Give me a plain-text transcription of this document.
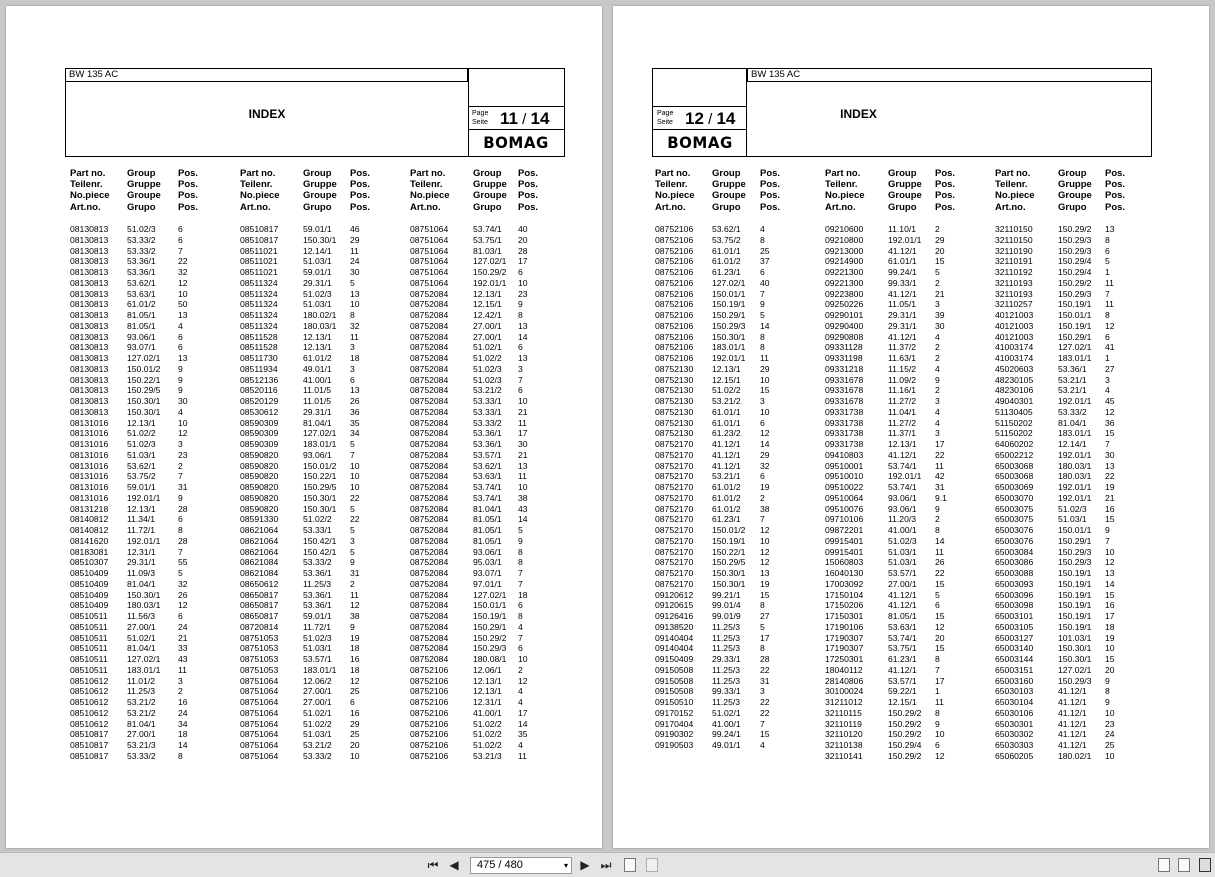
BW 135 AC
INDEX	Page
Seite 11 / 14
BOMAG
Part no.
Teilenr.
No.piece
Art.no.
Group
Gruppe
Groupe
Grupo
Pos.
Pos.
Pos.
Pos.
08130813 51.02/3	6
08130813 53.33/2	6
08130813 53.33/2	7
08130813 53.36/1	22
08130813 53.36/1	32
08130813 53.62/1	12
08130813 53.63/1	10
08130813 61.01/2	50
08130813 81.05/1	13
08130813 81.05/1	4
08130813 93.06/1	6
08130813 93.07/1	6
08130813 127.02/1 13
08130813 150.01/2 9
08130813 150.22/1 9
08130813 150.29/5 9
08130813 150.30/1 30
08130813 150.30/1 4
08131016 12.13/1	10
08131016 51.02/2	12
08131016 51.02/3	3
08131016 51.03/1	23
08131016 53.62/1	2
08131016 53.75/2	7
08131016 59.01/1	31
08131016 192.01/1 9
08131218 12.13/1	28
08140812 11.34/1	6
08140812 11.72/1	8
08141620 192.01/1 28
08183081 12.31/1	7
08510307 29.31/1	55
08510409 11.09/3	5
08510409 81.04/1	32
08510409 150.30/1 26
08510409 180.03/1 12
08510511 11.56/3	6
08510511 27.00/1	24
08510511 51.02/1	21
08510511 81.04/1	33
08510511 127.02/1 43
08510511 183.01/1 11
08510612 11.01/2	3
08510612 11.25/3	2
08510612 53.21/2	16
08510612 53.21/2	24
08510612 81.04/1	34
08510817 27.00/1	18
08510817 53.21/3	14
08510817 53.33/2	8
Part no.
Teilenr.
No.piece
Art.no.
Group
Gruppe
Groupe
Grupo
Pos.
Pos.
Pos.
Pos.
08510817	59.01/1 46
08510817	150.30/1 29
08511021	12.14/1 11
08511021	51.03/1 24
08511021	59.01/1 30
08511324	29.31/1 5
08511324	51.02/3 13
08511324	51.03/1 10
08511324	180.02/1 8
08511324	180.03/1 32
08511528	12.13/1 11
08511528	12.13/1 3
08511730	61.01/2 18
08511934	49.01/1 3
08512136	41.00/1 6
08520116	11.01/5 13
08520129	11.01/5 26
08530612	29.31/1 36
08590309	81.04/1 35
08590309	127.02/1 34
08590309	183.01/1 5
08590820	93.06/1 7
08590820	150.01/2 10
08590820	150.22/1 10
08590820	150.29/5 10
08590820	150.30/1 22
08590820	150.30/1 5
08591330	51.02/2 22
08621064	53.33/1 5
08621064	150.42/1 3
08621064	150.42/1 5
08621084	53.33/2 9
08621084	53.36/1 31
08650612	11.25/3 2
08650817	53.36/1 11
08650817	53.36/1 12
08650817	59.01/1 38
08720814	11.72/1 9
08751053	51.02/3 19
08751053	51.03/1 18
08751053	53.57/1 16
08751053	183.01/1 18
08751064	12.06/2 12
08751064	27.00/1 25
08751064	27.00/1 6
08751064	51.02/1 16
08751064	51.02/2 29
08751064	51.03/1 25
08751064	53.21/2 20
08751064	53.33/2 10
Part no.
Teilenr.
No.piece
Art.no.
Group
Gruppe
Groupe
Grupo
Pos.
Pos.
Pos.
Pos.
08751064	53.74/1 40
08751064	53.75/1 20
08751064	81.03/1 28
08751064	127.02/1 17
08751064	150.29/2 6
08751064	192.01/1 10
08752084	12.13/1 23
08752084	12.15/1 9
08752084	12.42/1 8
08752084	27.00/1 13
08752084	27.00/1 14
08752084	51.02/1 6
08752084	51.02/2 13
08752084	51.02/3 3
08752084	51.02/3 7
08752084	53.21/2 6
08752084	53.33/1 10
08752084	53.33/1 21
08752084	53.33/2 11
08752084	53.36/1 17
08752084	53.36/1 30
08752084	53.57/1 21
08752084	53.62/1 13
08752084	53.63/1 11
08752084	53.74/1 10
08752084	53.74/1 38
08752084	81.04/1 43
08752084	81.05/1 14
08752084	81.05/1 5
08752084	81.05/1 9
08752084	93.06/1 8
08752084	95.03/1 8
08752084	93.07/1 7
08752084	97.01/1 7
08752084	127.02/1 18
08752084	150.01/1 6
08752084	150.19/1 8
08752084	150.29/1 4
08752084	150.29/2 7
08752084	150.29/3 6
08752084	180.08/1 10
08752106	12.06/1 2
08752106	12.13/1 12
08752106	12.13/1 4
08752106	12.31/1 4
08752106	41.00/1 17
08752106	51.02/2 14
08752106	51.02/2 35
08752106	51.02/2 4
08752106	53.21/3 11
BW 135 AC
INDEX
Page
Seite 12 / 14
BOMAG
Part no.
Teilenr.
No.piece
Art.no.
Group
Gruppe
Groupe
Grupo
Pos.
Pos.
Pos.
Pos.
08752106 53.62/1 4
08752106 53.75/2 8
08752106 61.01/1 25
08752106 61.01/2 37
08752106 61.23/1 6
08752106 127.02/1 40
08752106 150.01/1 7
08752106 150.19/1 9
08752106 150.29/1 5
08752106 150.29/3 14
08752106 150.30/1 8
08752106 183.01/1 8
08752106 192.01/1 11
08752130 12.13/1 29
08752130 12.15/1 10
08752130 51.02/2 15
08752130 53.21/2 3
08752130 61.01/1 10
08752130 61.01/1 6
08752130 61.23/2 12
08752170 41.12/1 14
08752170 41.12/1 29
08752170 41.12/1 32
08752170 53.21/1 6
08752170 61.01/2 19
08752170 61.01/2 2
08752170 61.01/2 38
08752170 61.23/1 7
08752170 150.01/2 12
08752170 150.19/1 10
08752170 150.22/1 12
08752170 150.29/5 12
08752170 150.30/1 13
08752170 150.30/1 19
09120612 99.21/1 15
09120615 99.01/4 8
09126416 99.01/9 27
09138520 11.25/3 5
09140404 11.25/3 17
09140404 11.25/3 8
09150409 29.33/1 28
09150508 11.25/3 22
09150508 11.25/3 31
09150508 99.33/1 3
09150510 11.25/3 22
09170152 51.02/1 22
09170404 41.00/1 7
09190302 99.24/1 15
09190503 49.01/1 4
Part no.
Teilenr.
No.piece
Art.no.
Group
Gruppe
Groupe
Grupo
Pos.
Pos.
Pos.
Pos.
09210600	11.10/1 2
09210800	192.01/1 29
09213000	41.12/1 20
09214900	61.01/1 15
09221300	99.24/1 5
09221300	99.33/1 2
09223800	41.12/1 21
09250226	11.05/1 3
09290101	29.31/1 39
09290400	29.31/1 30
09290808	41.12/1 4
09331128	11.37/2 2
09331198	11.63/1 2
09331218	11.15/2 4
09331678	11.09/2 9
09331678	11.16/1 2
09331678	11.27/2 3
09331738	11.04/1 4
09331738	11.27/2 4
09331738	11.37/1 3
09331738	12.13/1 17
09410803	41.12/1 22
09510001	53.74/1 11
09510010	192.01/1 42
09510022	53.74/1 31
09510064	93.06/1 9.1
09510076	93.06/1 9
09710106	11.20/3 2
09872201	41.00/1 8
09915401	51.02/3 14
09915401	51.03/1 11
15060803	51.03/1 26
16040130	53.57/1 22
17003092	27.00/1 15
17150104	41.12/1 5
17150206	41.12/1 6
17150301	81.05/1 15
17190106	53.63/1 12
17190307	53.74/1 20
17190307	53.75/1 15
17250301	61.23/1 8
18040112	41.12/1 7
28140806	53.57/1 17
30100024	59.22/1 1
31211012	12.15/1 11
32110115	150.29/2 8
32110119	150.29/2 9
32110120	150.29/2 10
32110138	150.29/4 6
32110141	150.29/2 12
Part no.
Teilenr.
No.piece
Art.no.
Group
Gruppe
Groupe
Grupo
Pos.
Pos.
Pos.
Pos.
32110150	150.29/2 13
32110150	150.29/3 8
32110190	150.29/3 6
32110191	150.29/4 5
32110192	150.29/4 1
32110193	150.29/2 11
32110193	150.29/3 7
32110257	150.19/1 11
40121003	150.01/1 8
40121003	150.19/1 12
40121003	150.29/1 6
41003174	127.02/1 41
41003174	183.01/1 1
45020603	53.36/1 27
48230105	53.21/1 3
48230106	53.21/1 4
49040301	192.01/1 45
51130405	53.33/2 12
51150202	81.04/1 36
51150202	183.01/1 15
64060202	12.14/1 7
65002212	192.01/1 30
65003068	180.03/1 13
65003068	180.03/1 22
65003069	192.01/1 19
65003070	192.01/1 21
65003075	51.02/3 16
65003075	51.03/1 15
65003076	150.01/1 9
65003076	150.29/1 7
65003084	150.29/3 10
65003086	150.29/3 12
65003088	150.19/1 13
65003093	150.19/1 14
65003096	150.19/1 15
65003098	150.19/1 16
65003101	150.19/1 17
65003105	150.19/1 18
65003127	101.03/1 19
65003140	150.30/1 10
65003144	150.30/1 15
65003151	127.02/1 20
65003160	150.29/3 9
65030103	41.12/1 8
65030104	41.12/1 9
65030106	41.12/1 10
65030301	41.12/1 23
65030302	41.12/1 24
65030303	41.12/1 25
65060205	180.02/1 10
⏮ ◀	475 / 480	▾ ▶ ⏭
